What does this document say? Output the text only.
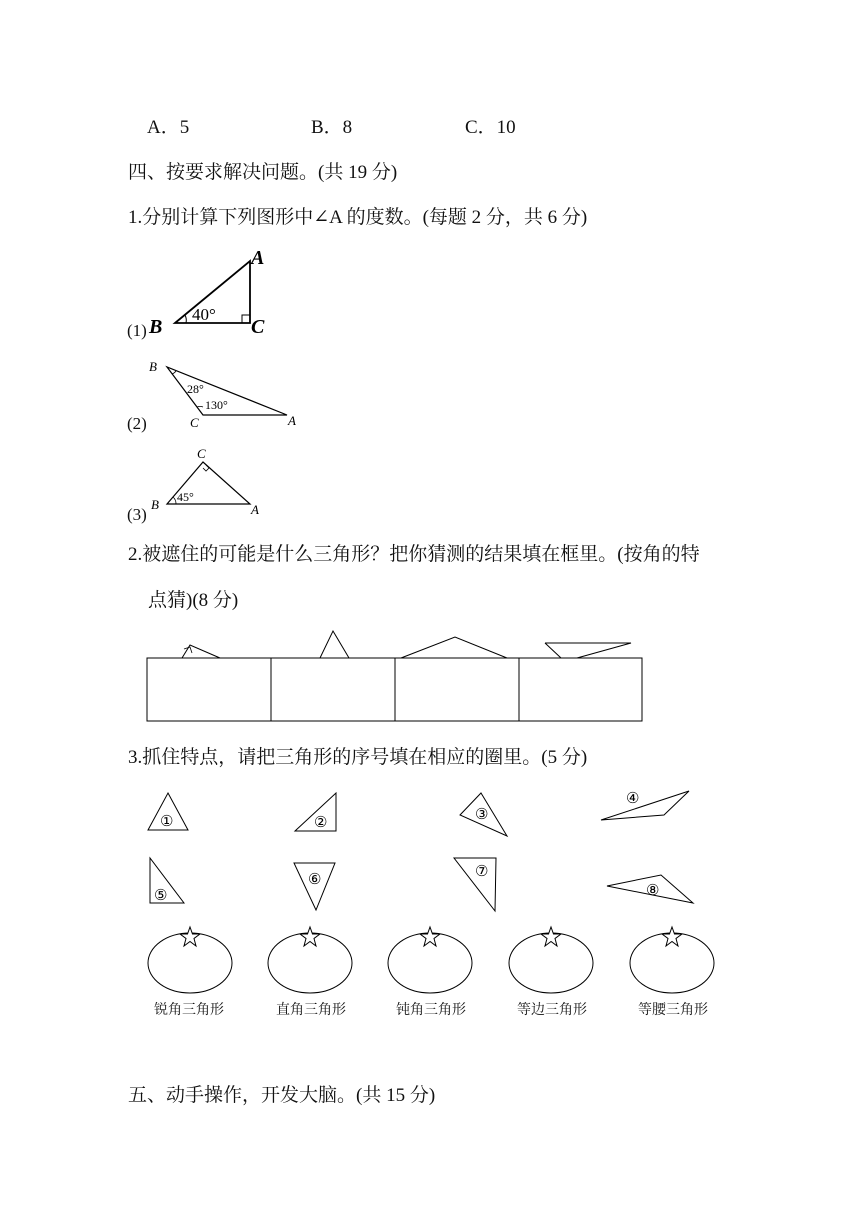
A．5	B．8	C．10
四、按要求解决问题。(共 19 分)
1.分别计算下列图形中∠A 的度数。(每题 2 分，共 6 分)
(1)
40°
B
A
C
(2)
28°
130°
B
C	A
(3)
45°
B
C
A
2.被遮住的可能是什么三角形？把你猜测的结果填在框里。(按角的特
点猜)(8 分)
3.抓住特点，请把三角形的序号填在相应的圈里。(5 分)
①	②	③
④
⑤
⑥	⑦
⑧
锐角三角形	直角三角形	钝角三角形	等边三角形	等腰三角形
五、动手操作，开发大脑。(共 15 分)
